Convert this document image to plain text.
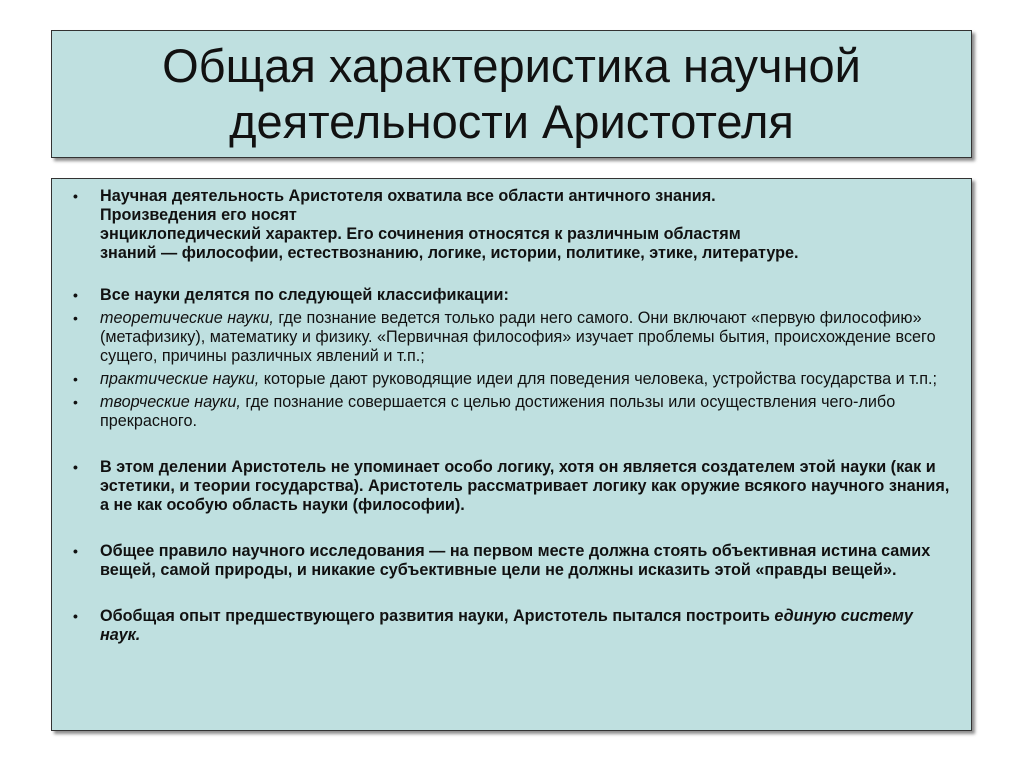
Общая характеристика научной
деятельности Аристотеля
• Научная деятельность Аристотеля охватила все области античного знания.
Произведения его носят
энциклопедический характер. Его сочинения относятся к различным областям
знаний — философии, естествознанию, логике, истории, политике, этике, литературе.
• Все науки делятся по следующей классификации:
• теоретические науки, где познание ведется только ради него самого. Они включают «первую философию» (метафизику), математику и физику. «Первичная философия» изучает проблемы бытия, происхождение всего сущего, причины различных явлений и т.п.;
• практические науки, которые дают руководящие идеи для поведения человека, устройства государства и т.п.;
• творческие науки, где познание совершается с целью достижения пользы или осуществления чего-либо прекрасного.
• В этом делении Аристотель не упоминает особо логику, хотя он является создателем этой науки (как и эстетики, и теории государства). Аристотель рассматривает логику как оружие всякого научного знания, а не как особую область науки (философии).
• Общее правило научного исследования — на первом месте должна стоять объективная истина самих вещей, самой природы, и никакие субъективные цели не должны исказить этой «правды вещей».
• Обобщая опыт предшествующего развития науки, Аристотель пытался построить единую систему наук.
